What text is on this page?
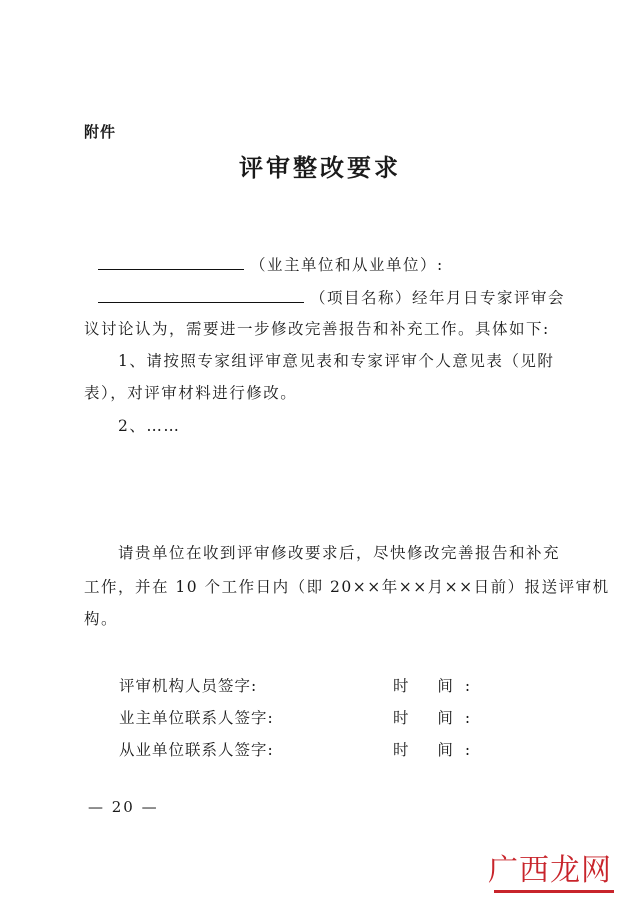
附件
评审整改要求
（业主单位和从业单位）:
（项目名称）经年月日专家评审会
议讨论认为，需要进一步修改完善报告和补充工作。具体如下:
1、请按照专家组评审意见表和专家评审个人意见表（见附
表），对评审材料进行修改。
2、……
请贵单位在收到评审修改要求后，尽快修改完善报告和补充
工作，并在 10 个工作日内（即 20××年××月××日前）报送评审机
构。
评审机构人员签字:	时 间:
业主单位联系人签字:	时 间:
从业单位联系人签字:	时 间:
— 20 —
广西龙网
